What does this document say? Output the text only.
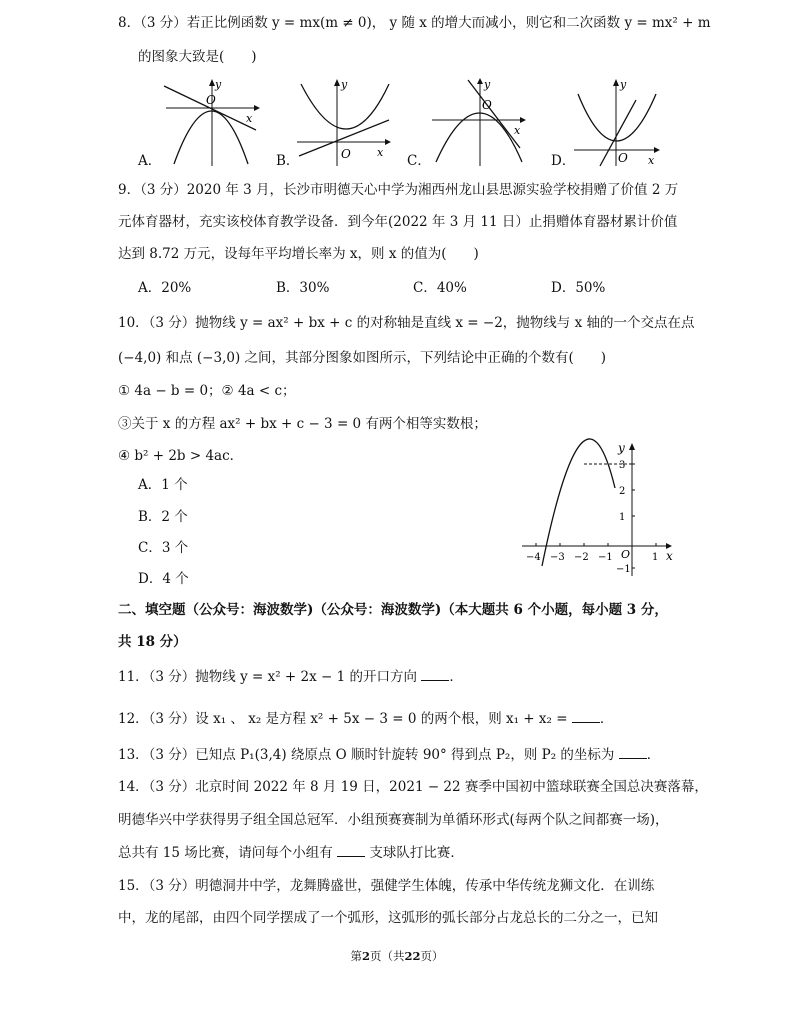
8．（3 分）若正比例函数 y = mx(m ≠ 0)， y 随 x 的增大而减小，则它和二次函数 y = mx² + m
的图象大致是(　　)
y
x
O
A．
y
x
O
B．
y
x
O
C．
y
x
O
D．
9．（3 分）2020 年 3 月，长沙市明德天心中学为湘西州龙山县思源实验学校捐赠了价值 2 万
元体育器材，充实该校体育教学设备．到今年(2022 年 3 月 11 日）止捐赠体育器材累计价值
达到 8.72 万元，设每年平均增长率为 x，则 x 的值为(　　)
A．20%	B．30%	C．40%	D．50%
10．（3 分）抛物线 y = ax² + bx + c 的对称轴是直线 x = −2，抛物线与 x 轴的一个交点在点
(−4,0) 和点 (−3,0) 之间，其部分图象如图所示，下列结论中正确的个数有(　　)
① 4a − b = 0；② 4a < c；
③关于 x 的方程 ax² + bx + c − 3 = 0 有两个相等实数根；
④ b² + 2b > 4ac．
A．1 个
B．2 个
C．3 个
D．4 个
y
x
O
−4 −3 −2 −1	1
3
2
1
−1
二、填空题（公众号：海波数学)（公众号：海波数学)（本大题共 6 个小题，每小题 3 分，
共 18 分）
11．（3 分）抛物线 y = x² + 2x − 1 的开口方向 ．
12．（3 分）设 x₁ 、 x₂ 是方程 x² + 5x − 3 = 0 的两个根，则 x₁ + x₂ = ．
13．（3 分）已知点 P₁(3,4) 绕原点 O 顺时针旋转 90° 得到点 P₂，则 P₂ 的坐标为 ．
14．（3 分）北京时间 2022 年 8 月 19 日，2021 − 22 赛季中国初中篮球联赛全国总决赛落幕，
明德华兴中学获得男子组全国总冠军．小组预赛赛制为单循环形式(每两个队之间都赛一场)，
总共有 15 场比赛，请问每个小组有	支球队打比赛．
15．（3 分）明德洞井中学，龙舞腾盛世，强健学生体魄，传承中华传统龙狮文化．在训练
中，龙的尾部，由四个同学摆成了一个弧形，这弧形的弧长部分占龙总长的二分之一，已知
第2页（共22页）
